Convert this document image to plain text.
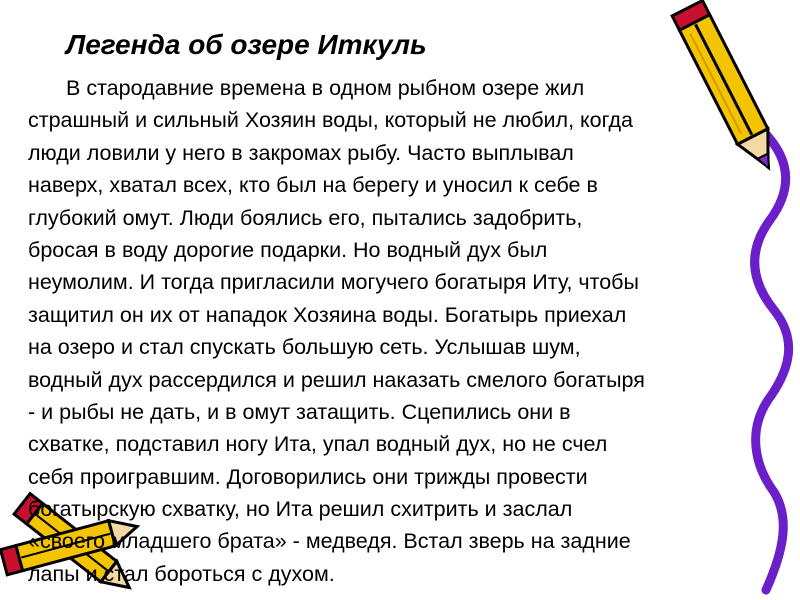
Легенда об озере Иткуль
В стародавние времена в одном рыбном озере жил
страшный и сильный Хозяин воды, который не любил, когда
люди ловили у него в закромах рыбу. Часто выплывал
наверх, хватал всех, кто был на берегу и уносил к себе в
глубокий омут. Люди боялись его, пытались задобрить,
бросая в воду дорогие подарки. Но водный дух был
неумолим. И тогда пригласили могучего богатыря Иту, чтобы
защитил он их от нападок Хозяина воды. Богатырь приехал
на озеро и стал спускать большую сеть. Услышав шум,
водный дух рассердился и решил наказать смелого богатыря
- и рыбы не дать, и в омут затащить. Сцепились они в
схватке, подставил ногу Ита, упал водный дух, но не счел
себя проигравшим. Договорились они трижды провести
богатырскую схватку, но Ита решил схитрить и заслал
«своего младшего брата» - медведя. Встал зверь на задние
лапы и стал бороться с духом.
